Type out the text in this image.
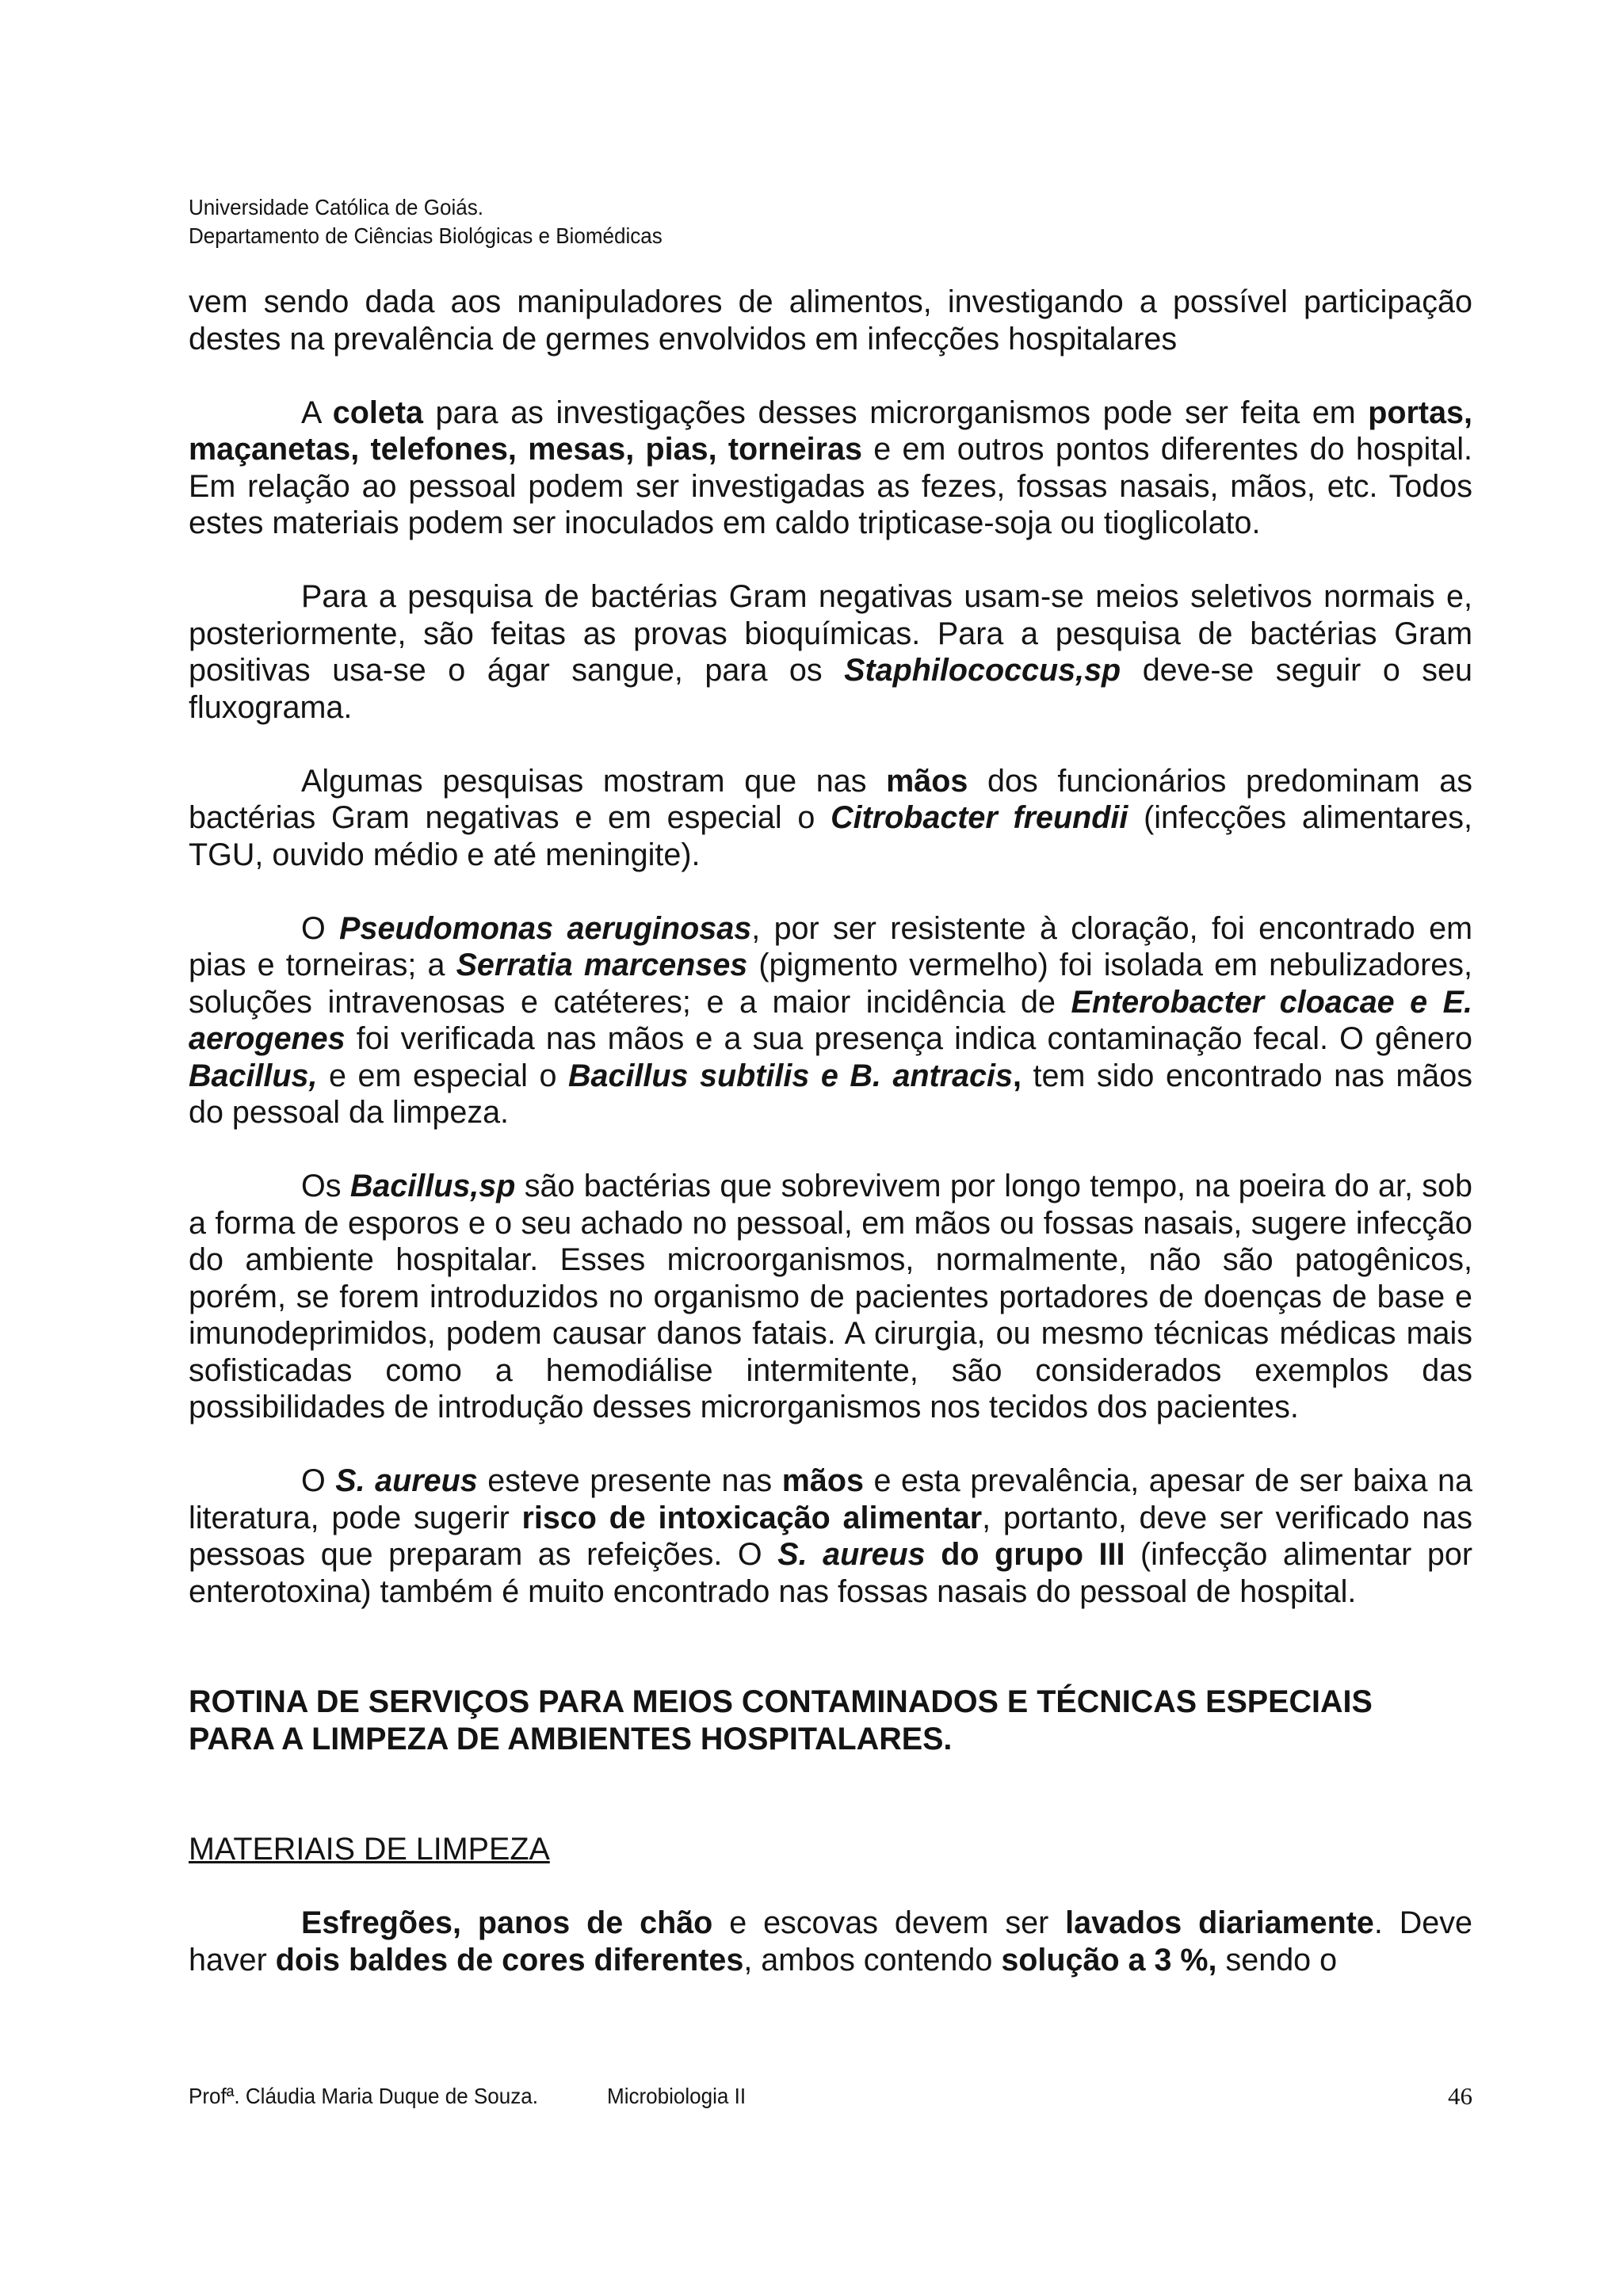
Universidade Católica de Goiás.
Departamento de Ciências Biológicas e Biomédicas

vem sendo dada aos manipuladores de alimentos, investigando a possível participação destes na prevalência de germes envolvidos em infecções hospitalares

A coleta para as investigações desses microrganismos pode ser feita em portas, maçanetas, telefones, mesas, pias, torneiras e em outros pontos diferentes do hospital. Em relação ao pessoal podem ser investigadas as fezes, fossas nasais, mãos, etc. Todos estes materiais podem ser inoculados em caldo tripticase-soja ou tioglicolato.

Para a pesquisa de bactérias Gram negativas usam-se meios seletivos normais e, posteriormente, são feitas as provas bioquímicas. Para a pesquisa de bactérias Gram positivas usa-se o ágar sangue, para os Staphilococcus,sp deve-se seguir o seu fluxograma.

Algumas pesquisas mostram que nas mãos dos funcionários predominam as bactérias Gram negativas e em especial o Citrobacter freundii (infecções alimentares, TGU, ouvido médio e até meningite).

O Pseudomonas aeruginosas, por ser resistente à cloração, foi encontrado em pias e torneiras; a Serratia marcenses (pigmento vermelho) foi isolada em nebulizadores, soluções intravenosas e catéteres; e a maior incidência de Enterobacter cloacae e E. aerogenes foi verificada nas mãos e a sua presença indica contaminação fecal. O gênero Bacillus, e em especial o Bacillus subtilis e B. antracis, tem sido encontrado nas mãos do pessoal da limpeza.

Os Bacillus,sp são bactérias que sobrevivem por longo tempo, na poeira do ar, sob a forma de esporos e o seu achado no pessoal, em mãos ou fossas nasais, sugere infecção do ambiente hospitalar. Esses microorganismos, normalmente, não são patogênicos, porém, se forem introduzidos no organismo de pacientes portadores de doenças de base e imunodeprimidos, podem causar danos fatais. A cirurgia, ou mesmo técnicas médicas mais sofisticadas como a hemodiálise intermitente, são considerados exemplos das possibilidades de introdução desses microrganismos nos tecidos dos pacientes.

O S. aureus esteve presente nas mãos e esta prevalência, apesar de ser baixa na literatura, pode sugerir risco de intoxicação alimentar, portanto, deve ser verificado nas pessoas que preparam as refeições. O S. aureus do grupo III (infecção alimentar por enterotoxina) também é muito encontrado nas fossas nasais do pessoal de hospital.

ROTINA DE SERVIÇOS PARA MEIOS CONTAMINADOS E TÉCNICAS ESPECIAIS
PARA A LIMPEZA DE AMBIENTES HOSPITALARES.

MATERIAIS DE LIMPEZA

Esfregões, panos de chão e escovas devem ser lavados diariamente. Deve haver dois baldes de cores diferentes, ambos contendo solução a 3 %, sendo o

Profª. Cláudia Maria Duque de Souza.	Microbiologia II	46
